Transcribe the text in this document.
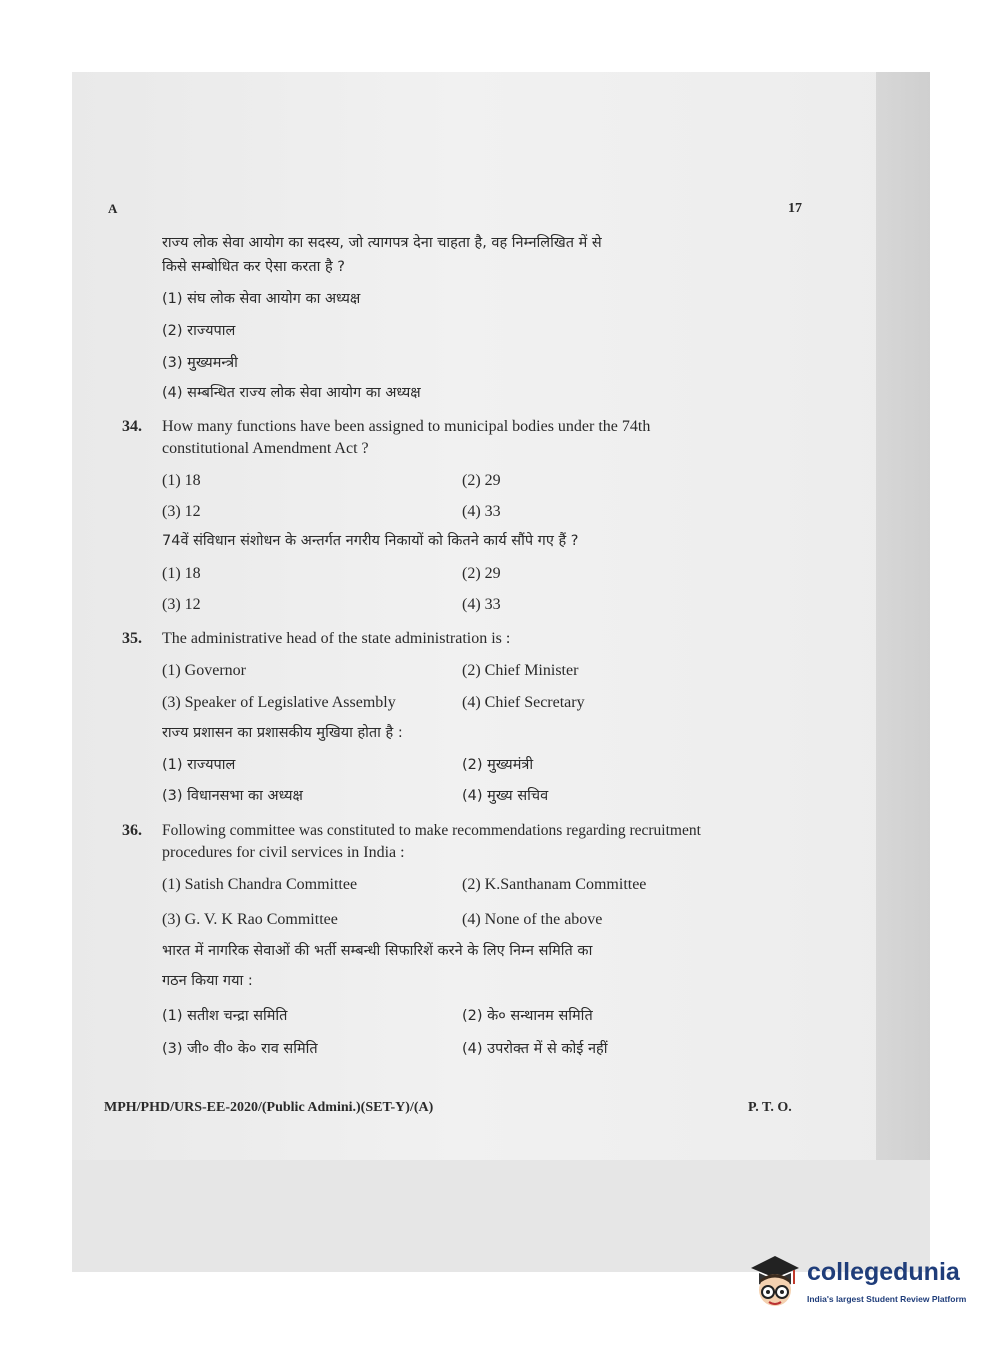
A	17
राज्य लोक सेवा आयोग का सदस्य, जो त्यागपत्र देना चाहता है, वह निम्नलिखित में से
किसे सम्बोधित कर ऐसा करता है ?
(1) संघ लोक सेवा आयोग का अध्यक्ष
(2) राज्यपाल
(3) मुख्यमन्त्री
(4) सम्बन्धित राज्य लोक सेवा आयोग का अध्यक्ष
34. How many functions have been assigned to municipal bodies under the 74th
constitutional Amendment Act ?
(1) 18	(2) 29
(3) 12	(4) 33
74वें संविधान संशोधन के अन्तर्गत नगरीय निकायों को कितने कार्य सौंपे गए हैं ?
(1) 18	(2) 29
(3) 12	(4) 33
35. The administrative head of the state administration is :
(1) Governor	(2) Chief Minister
(3) Speaker of Legislative Assembly	(4) Chief Secretary
राज्य प्रशासन का प्रशासकीय मुखिया होता है :
(1) राज्यपाल	(2) मुख्यमंत्री
(3) विधानसभा का अध्यक्ष	(4) मुख्य सचिव
36. Following committee was constituted to make recommendations regarding recruitment
procedures for civil services in India :
(1) Satish Chandra Committee	(2) K.Santhanam Committee
(3) G. V. K Rao Committee	(4) None of the above
भारत में नागरिक सेवाओं की भर्ती सम्बन्धी सिफारिशें करने के लिए निम्न समिति का
गठन किया गया :
(1) सतीश चन्द्रा समिति	(2) के० सन्थानम समिति
(3) जी० वी० के० राव समिति	(4) उपरोक्त में से कोई नहीं
MPH/PHD/URS-EE-2020/(Public Admini.)(SET-Y)/(A)	P. T. O.
collegedunia
India's largest Student Review Platform
